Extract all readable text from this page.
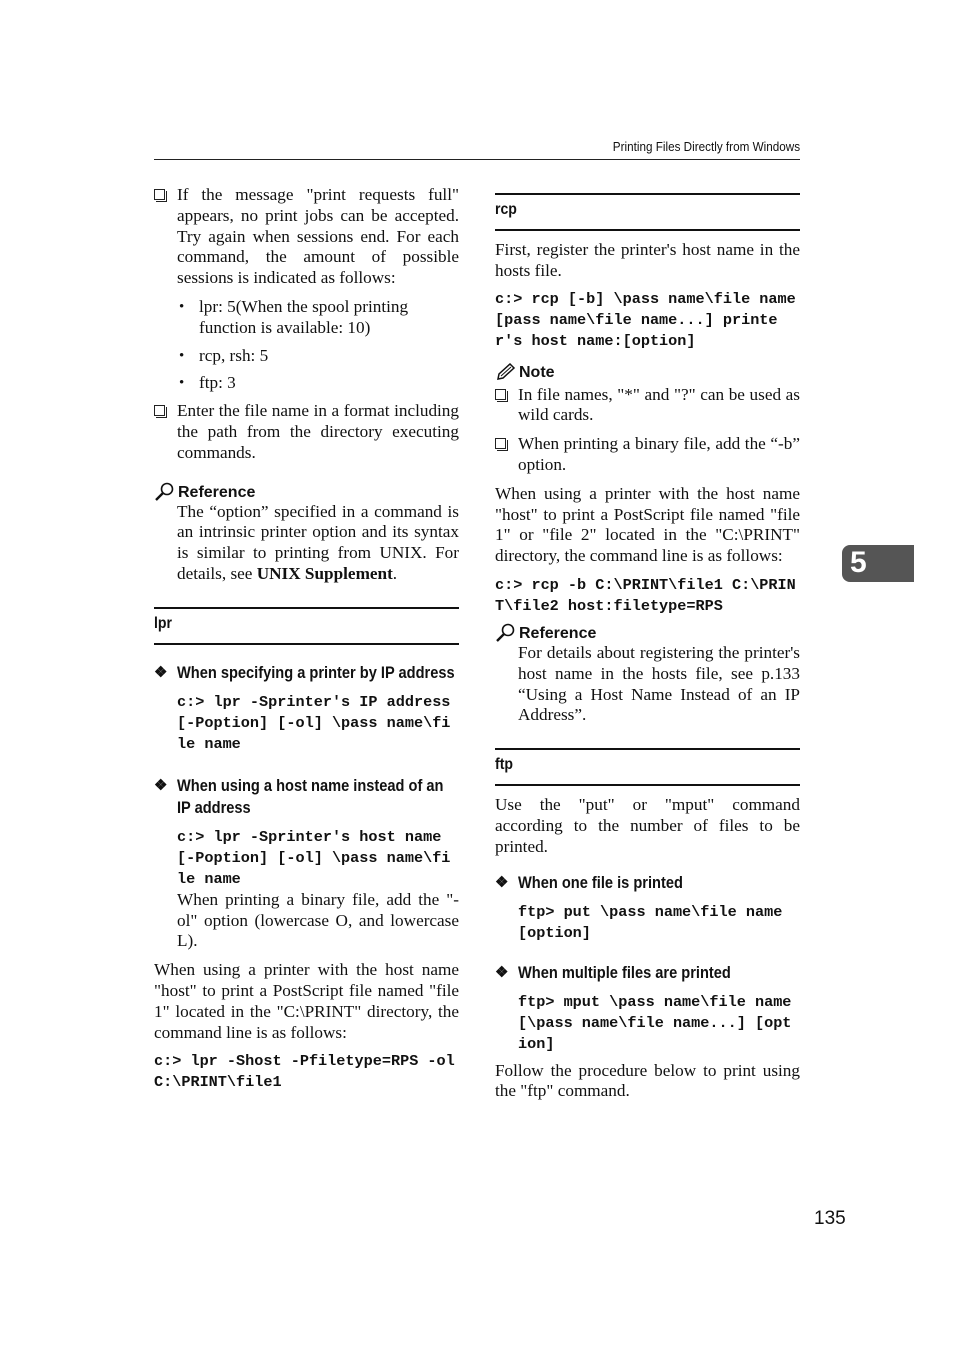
Printing Files Directly from Windows
If the message "print requests full" appears, no print jobs can be accepted. Try again when sessions end. For each command, the amount of possible sessions is indicated as follows:
• lpr: 5(When the spool printing function is available: 10)
• rcp, rsh: 5
• ftp: 3
Enter the file name in a format including the path from the directory executing commands.
Reference

The “option” specified in a command is an intrinsic printer option and its syntax is similar to printing from UNIX. For details, see UNIX Supplement.

lpr
❖ When specifying a printer by IP address

c:> lpr -Sprinter's IP address [-Poption] [-ol] \pass name\file name

❖ When using a host name instead of an IP address

c:> lpr -Sprinter's host name [-Poption] [-ol] \pass name\file name

When printing a binary file, add the "-ol" option (lowercase O, and lowercase L).

When using a printer with the host name "host" to print a PostScript file named "file 1" located in the "C:\PRINT" directory, the command line is as follows:

c:> lpr -Shost -Pfiletype=RPS -ol C:\PRINT\file1

rcp

First, register the printer's host name in the hosts file.

c:> rcp [-b] \pass name\file name [pass name\file name...] printer's host name:[option]

Note
In file names, "*" and "?" can be used as wild cards.
When printing a binary file, add the “-b” option.

When using a printer with the host name "host" to print a PostScript file named "file 1" or "file 2" located in the "C:\PRINT" directory, the command line is as follows:

c:> rcp -b C:\PRINT\file1 C:\PRINT\file2 host:filetype=RPS

Reference

For details about registering the printer's host name in the hosts file, see p.133 “Using a Host Name Instead of an IP Address”.

ftp

Use the "put" or "mput" command according to the number of files to be printed.

❖ When one file is printed

ftp> put \pass name\file name [option]

❖ When multiple files are printed

ftp> mput \pass name\file name [\pass name\file name...] [option]

Follow the procedure below to print using the "ftp" command.

5
135
